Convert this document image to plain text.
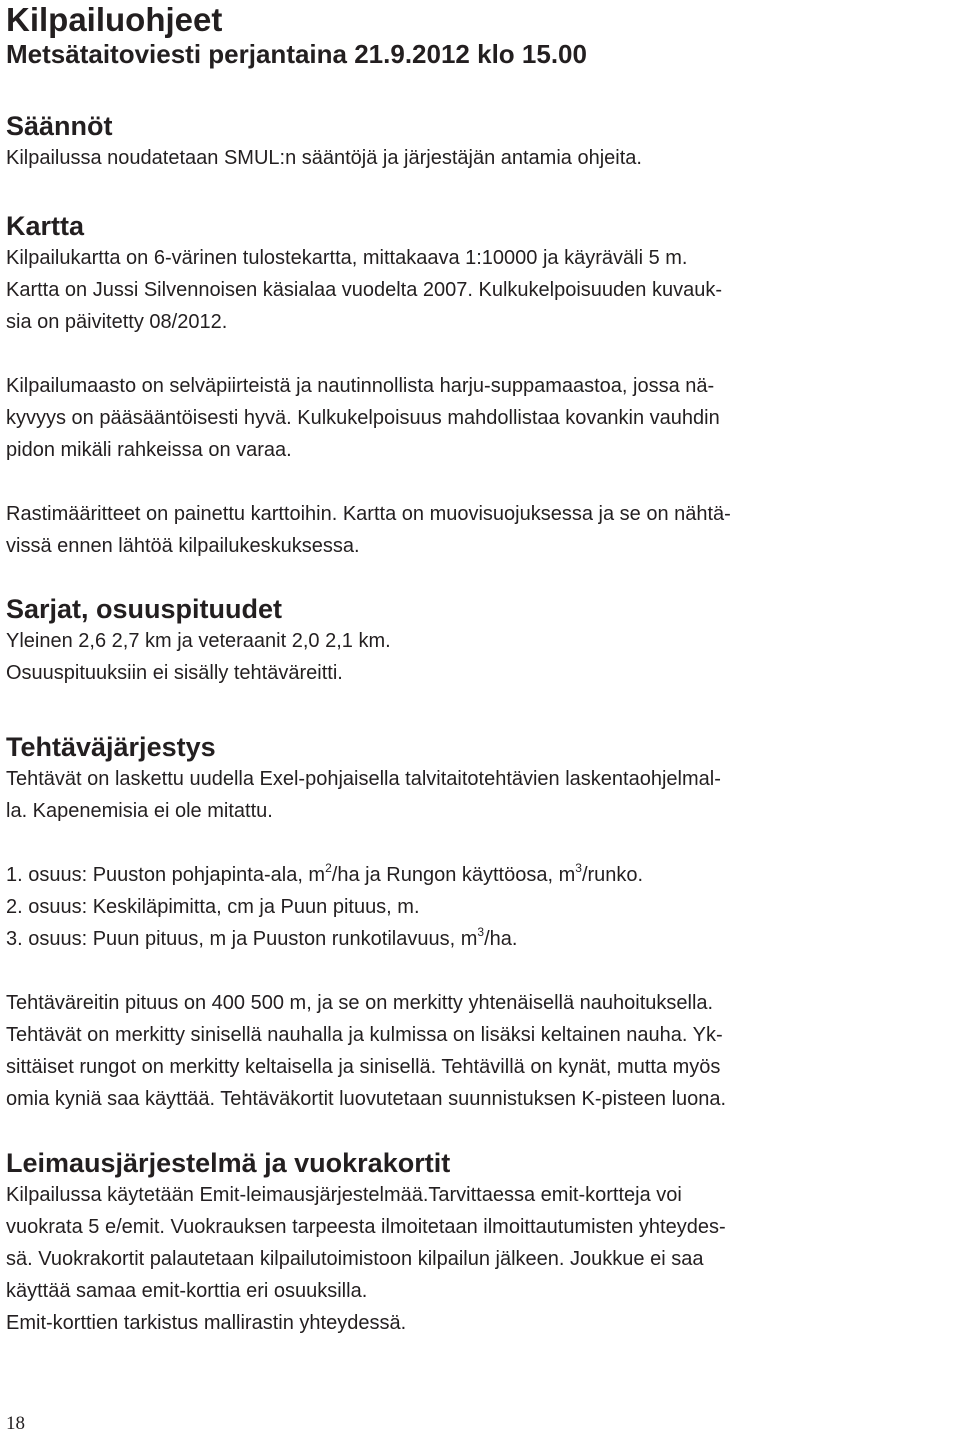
Kilpailuohjeet
Metsätaitoviesti perjantaina 21.9.2012 klo 15.00
Säännöt

Kilpailussa noudatetaan SMUL:n sääntöjä ja järjestäjän antamia ohjeita.

Kartta

Kilpailukartta on 6-värinen tulostekartta, mittakaava 1:10000 ja käyräväli 5 m.

Kartta on Jussi Silvennoisen käsialaa vuodelta 2007. Kulkukelpoisuuden kuvauk-

sia on päivitetty 08/2012.

Kilpailumaasto on selväpiirteistä ja nautinnollista harju-suppamaastoa, jossa nä-

kyvyys on pääsääntöisesti hyvä. Kulkukelpoisuus mahdollistaa kovankin vauhdin

pidon mikäli rahkeissa on varaa.

Rastimääritteet on painettu karttoihin. Kartta on muovisuojuksessa ja se on nähtä-

vissä ennen lähtöä kilpailukeskuksessa.

Sarjat, osuuspituudet

Yleinen 2,6 2,7 km ja veteraanit 2,0 2,1 km.

Osuuspituuksiin ei sisälly tehtäväreitti.

Tehtäväjärjestys

Tehtävät on laskettu uudella Exel-pohjaisella talvitaitotehtävien laskentaohjelmal-

la. Kapenemisia ei ole mitattu.

1. osuus: Puuston pohjapinta-ala, $m^2/ha$ ja Rungon käyttöosa, $m^3$/runko.

2. osuus: Keskiläpimitta, cm ja Puun pituus, m.

3. osuus: Puun pituus, m ja Puuston runkotilavuus, $m^3/ha$.

Tehtäväreitin pituus on 400 500 m, ja se on merkitty yhtenäisellä nauhoituksella.

Tehtävät on merkitty sinisellä nauhalla ja kulmissa on lisäksi keltainen nauha. Yk-

sittäiset rungot on merkitty keltaisella ja sinisellä. Tehtävillä on kynät, mutta myös

omia kyniä saa käyttää. Tehtäväkortit luovutetaan suunnistuksen K-pisteen luona.

Leimausjärjestelmä ja vuokrakortit

Kilpailussa käytetään Emit-leimausjärjestelmää.Tarvittaessa emit-kortteja voi

vuokrata 5 e/emit. Vuokrauksen tarpeesta ilmoitetaan ilmoittautumisten yhteydes-

sä. Vuokrakortit palautetaan kilpailutoimistoon kilpailun jälkeen. Joukkue ei saa

käyttää samaa emit-korttia eri osuuksilla.

Emit-korttien tarkistus mallirastin yhteydessä.

18
